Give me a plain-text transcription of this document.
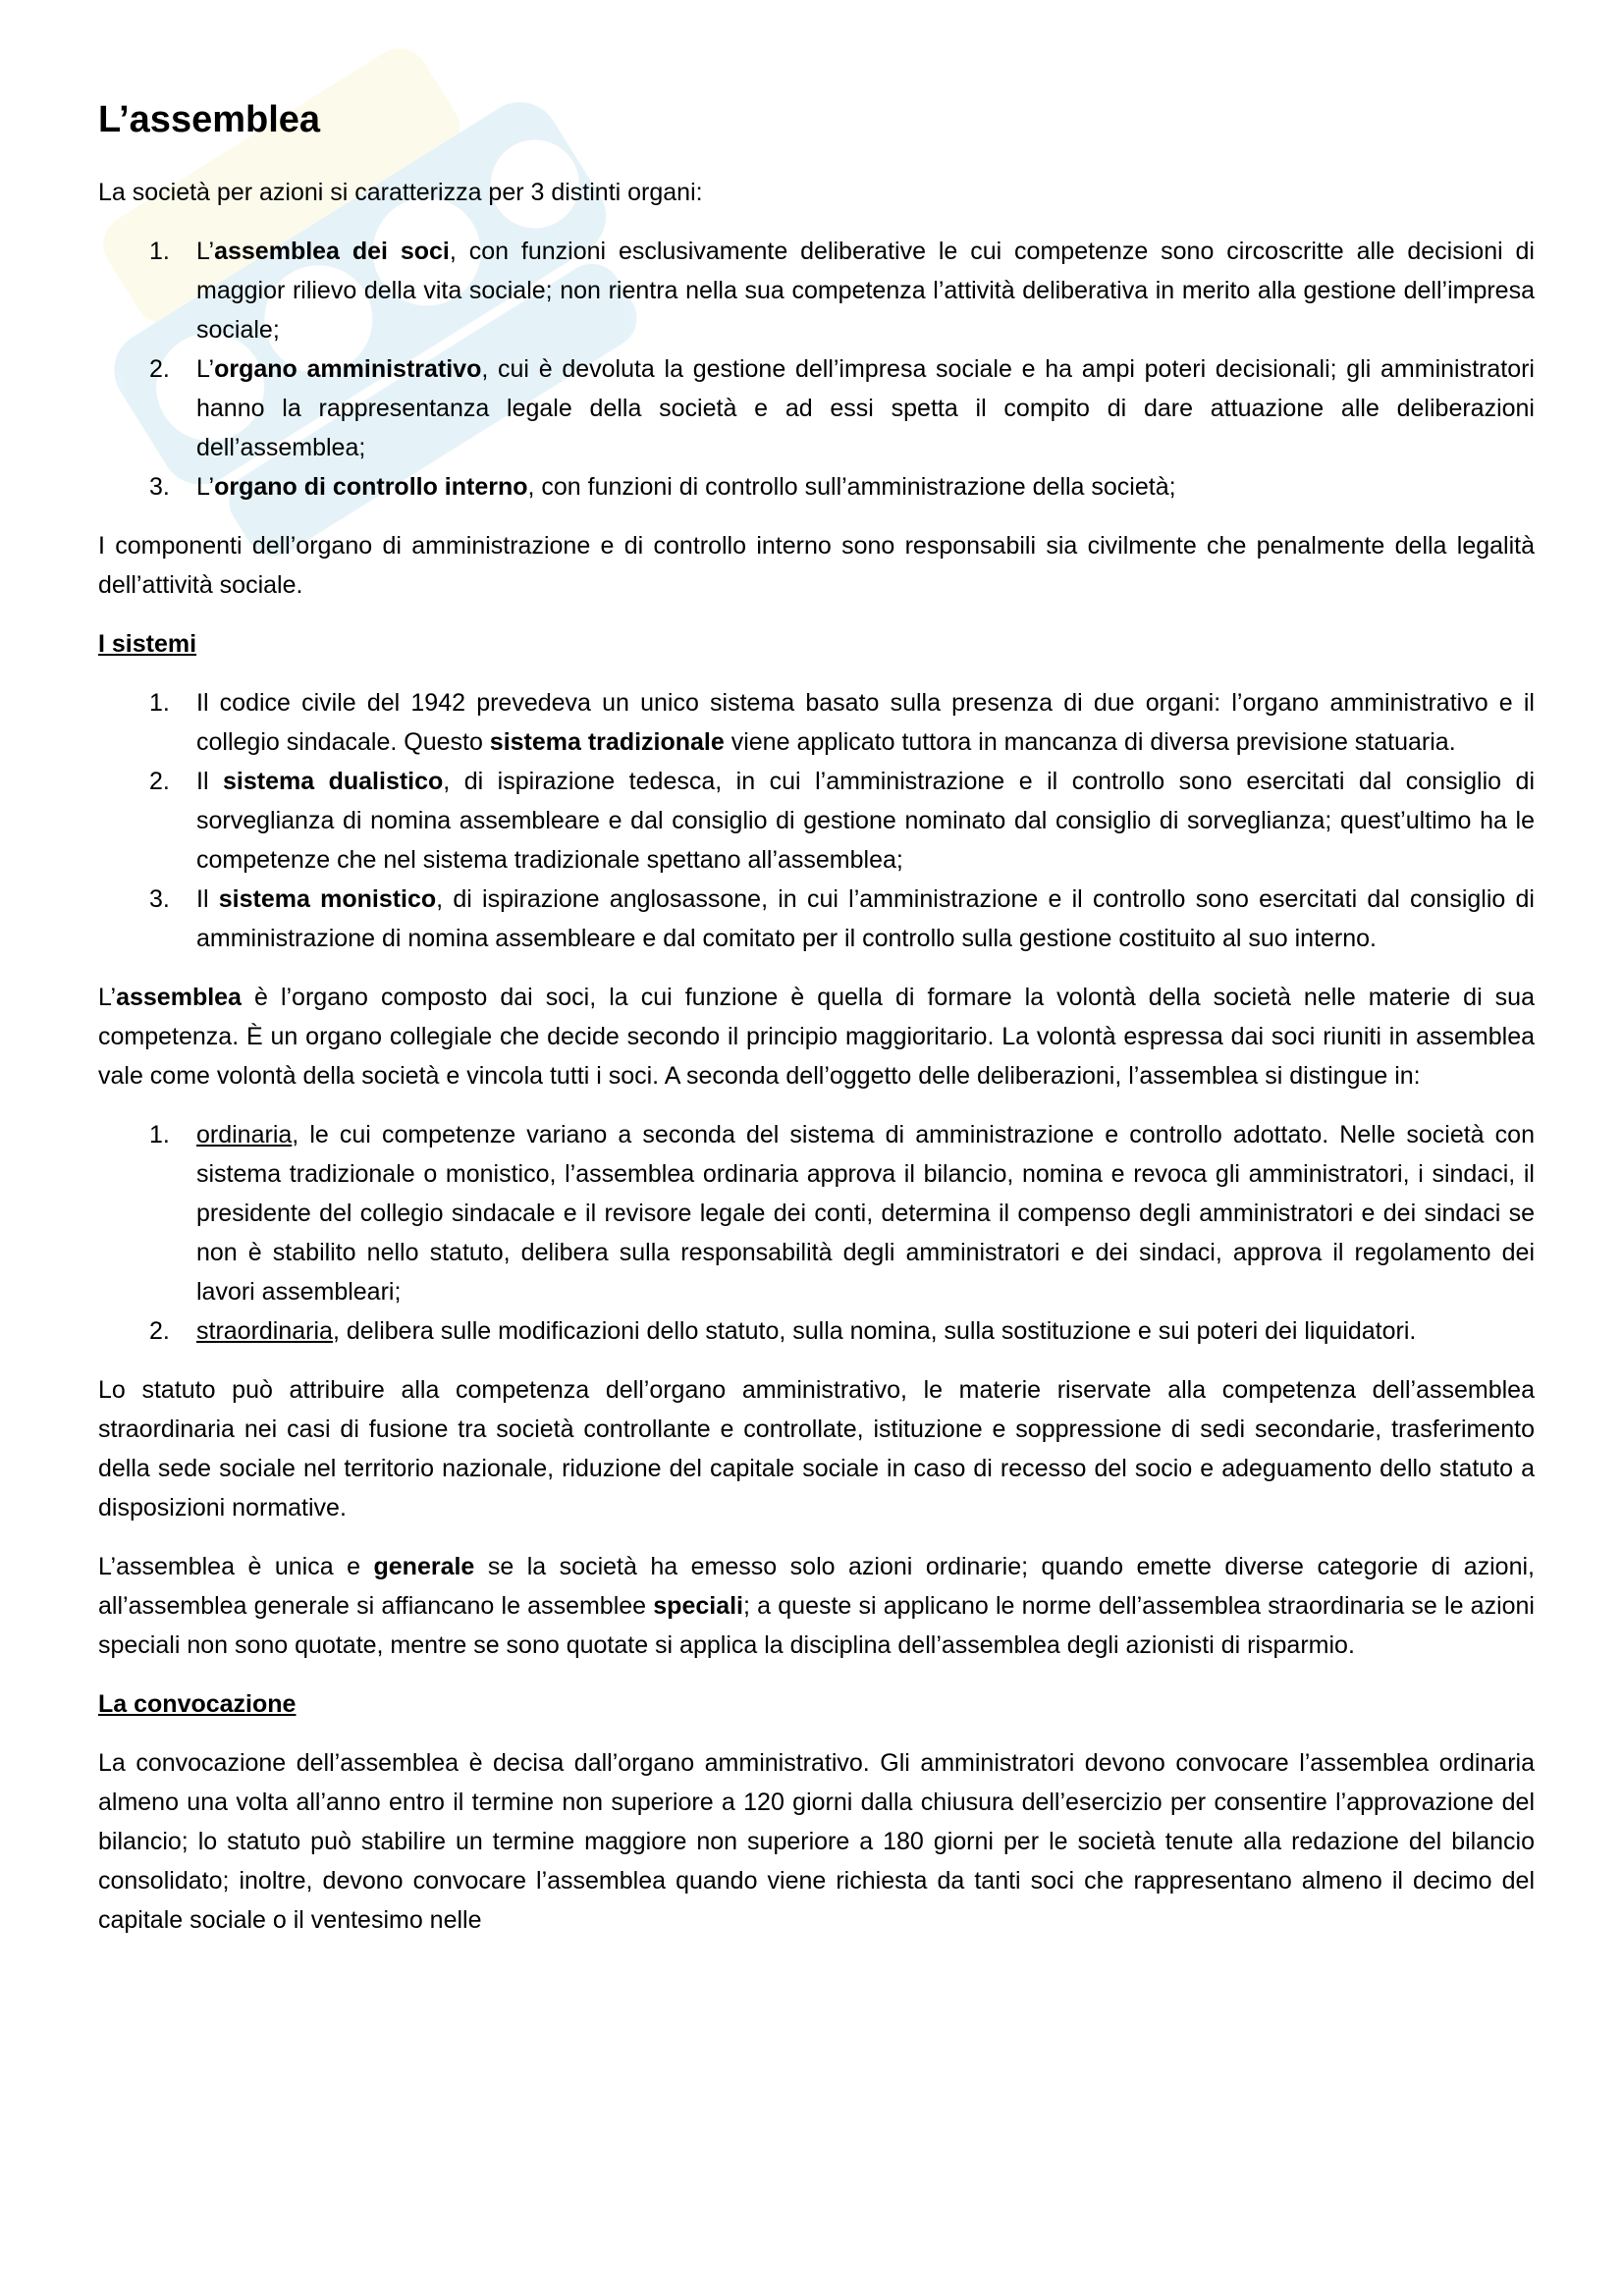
L’assemblea

La società per azioni si caratterizza per 3 distinti organi:

1. L’assemblea dei soci, con funzioni esclusivamente deliberative le cui competenze sono circoscritte alle decisioni di maggior rilievo della vita sociale; non rientra nella sua competenza l’attività deliberativa in merito alla gestione dell’impresa sociale;
2. L’organo amministrativo, cui è devoluta la gestione dell’impresa sociale e ha ampi poteri decisionali; gli amministratori hanno la rappresentanza legale della società e ad essi spetta il compito di dare attuazione alle deliberazioni dell’assemblea;
3. L’organo di controllo interno, con funzioni di controllo sull’amministrazione della società;

I componenti dell’organo di amministrazione e di controllo interno sono responsabili sia civilmente che penalmente della legalità dell’attività sociale.

I sistemi
1. Il codice civile del 1942 prevedeva un unico sistema basato sulla presenza di due organi: l’organo amministrativo e il collegio sindacale. Questo sistema tradizionale viene applicato tuttora in mancanza di diversa previsione statuaria.
2. Il sistema dualistico, di ispirazione tedesca, in cui l’amministrazione e il controllo sono esercitati dal consiglio di sorveglianza di nomina assembleare e dal consiglio di gestione nominato dal consiglio di sorveglianza; quest’ultimo ha le competenze che nel sistema tradizionale spettano all’assemblea;
3. Il sistema monistico, di ispirazione anglosassone, in cui l’amministrazione e il controllo sono esercitati dal consiglio di amministrazione di nomina assembleare e dal comitato per il controllo sulla gestione costituito al suo interno.

L’assemblea è l’organo composto dai soci, la cui funzione è quella di formare la volontà della società nelle materie di sua competenza. È un organo collegiale che decide secondo il principio maggioritario. La volontà espressa dai soci riuniti in assemblea vale come volontà della società e vincola tutti i soci. A seconda dell’oggetto delle deliberazioni, l’assemblea si distingue in:

1. ordinaria, le cui competenze variano a seconda del sistema di amministrazione e controllo adottato. Nelle società con sistema tradizionale o monistico, l’assemblea ordinaria approva il bilancio, nomina e revoca gli amministratori, i sindaci, il presidente del collegio sindacale e il revisore legale dei conti, determina il compenso degli amministratori e dei sindaci se non è stabilito nello statuto, delibera sulla responsabilità degli amministratori e dei sindaci, approva il regolamento dei lavori assembleari;
2. straordinaria, delibera sulle modificazioni dello statuto, sulla nomina, sulla sostituzione e sui poteri dei liquidatori.

Lo statuto può attribuire alla competenza dell’organo amministrativo, le materie riservate alla competenza dell’assemblea straordinaria nei casi di fusione tra società controllante e controllate, istituzione e soppressione di sedi secondarie, trasferimento della sede sociale nel territorio nazionale, riduzione del capitale sociale in caso di recesso del socio e adeguamento dello statuto a disposizioni normative.

L’assemblea è unica e generale se la società ha emesso solo azioni ordinarie; quando emette diverse categorie di azioni, all’assemblea generale si affiancano le assemblee speciali; a queste si applicano le norme dell’assemblea straordinaria se le azioni speciali non sono quotate, mentre se sono quotate si applica la disciplina dell’assemblea degli azionisti di risparmio.

La convocazione

La convocazione dell’assemblea è decisa dall’organo amministrativo. Gli amministratori devono convocare l’assemblea ordinaria almeno una volta all’anno entro il termine non superiore a 120 giorni dalla chiusura dell’esercizio per consentire l’approvazione del bilancio; lo statuto può stabilire un termine maggiore non superiore a 180 giorni per le società tenute alla redazione del bilancio consolidato; inoltre, devono convocare l’assemblea quando viene richiesta da tanti soci che rappresentano almeno il decimo del capitale sociale o il ventesimo nelle
